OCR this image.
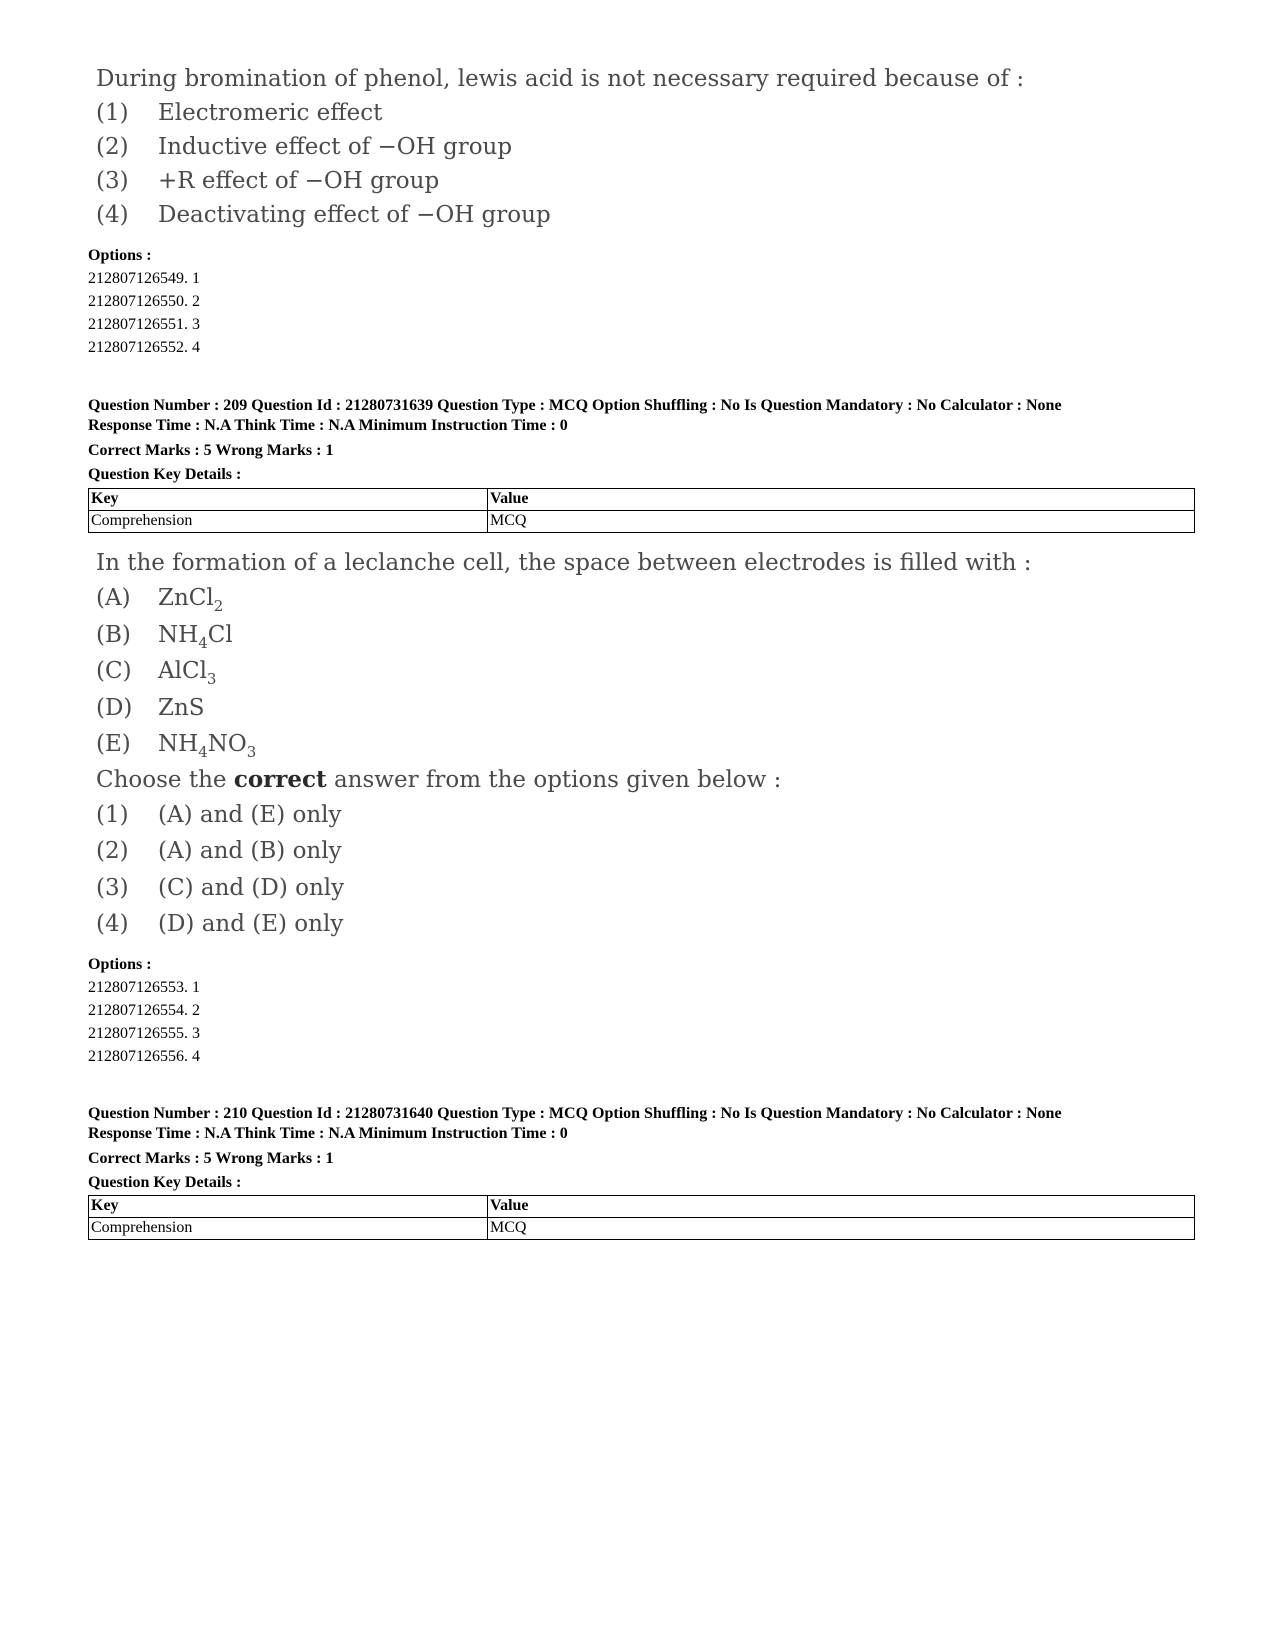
During bromination of phenol, lewis acid is not necessary required because of :
(1)	Electromeric effect
(2)	Inductive effect of −OH group
(3)	+R effect of −OH group
(4)	Deactivating effect of −OH group
Options :
212807126549. 1
212807126550. 2
212807126551. 3
212807126552. 4
Question Number : 209 Question Id : 21280731639 Question Type : MCQ Option Shuffling : No Is Question Mandatory : No Calculator : None
Response Time : N.A Think Time : N.A Minimum Instruction Time : 0
Correct Marks : 5 Wrong Marks : 1
Question Key Details :
Key	Value
Comprehension	MCQ
In the formation of a leclanche cell, the space between electrodes is filled with :
(A)	ZnCl$_2$
(B)	$NH_4Cl$
(C)	AlCl$_3$
(D)	ZnS
(E)	$NH_4NO_3$
Choose the correct answer from the options given below :
(1)	(A) and (E) only
(2)	(A) and (B) only
(3)	(C) and (D) only
(4)	(D) and (E) only
Options :
212807126553. 1
212807126554. 2
212807126555. 3
212807126556. 4
Question Number : 210 Question Id : 21280731640 Question Type : MCQ Option Shuffling : No Is Question Mandatory : No Calculator : None
Response Time : N.A Think Time : N.A Minimum Instruction Time : 0
Correct Marks : 5 Wrong Marks : 1
Question Key Details :
Key	Value
Comprehension	MCQ
